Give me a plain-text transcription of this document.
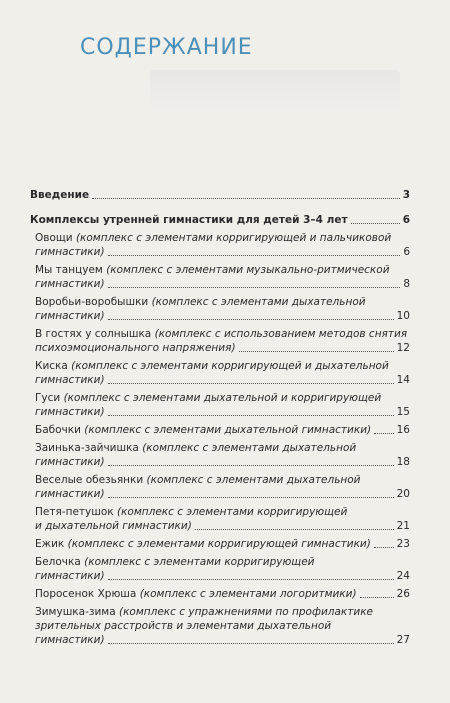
СОДЕРЖАНИЕ
Введение	3
Комплексы утренней гимнастики для детей 3–4 лет	6
Овощи (комплекс с элементами корригирующей и пальчиковой
гимнастики)	6
Мы танцуем (комплекс с элементами музыкально-ритмической
гимнастики)	8
Воробьи-воробышки (комплекс с элементами дыхательной
гимнастики)	10
В гостях у солнышка (комплекс с использованием методов снятия
психоэмоционального напряжения)	12
Киска (комплекс с элементами корригирующей и дыхательной
гимнастики)	14
Гуси (комплекс с элементами дыхательной и корригирующей
гимнастики)	15
Бабочки (комплекс с элементами дыхательной гимнастики) 16
Заинька-зайчишка (комплекс с элементами дыхательной
гимнастики)	18
Веселые обезьянки (комплекс с элементами дыхательной
гимнастики)	20
Петя-петушок (комплекс с элементами корригирующей
и дыхательной гимнастики)	21
Ежик (комплекс с элементами корригирующей гимнастики) 23
Белочка (комплекс с элементами корригирующей
гимнастики)	24
Поросенок Хрюша (комплекс с элементами логоритмики)	26
Зимушка-зима (комплекс с упражнениями по профилактике
зрительных расстройств и элементами дыхательной
гимнастики)	27
